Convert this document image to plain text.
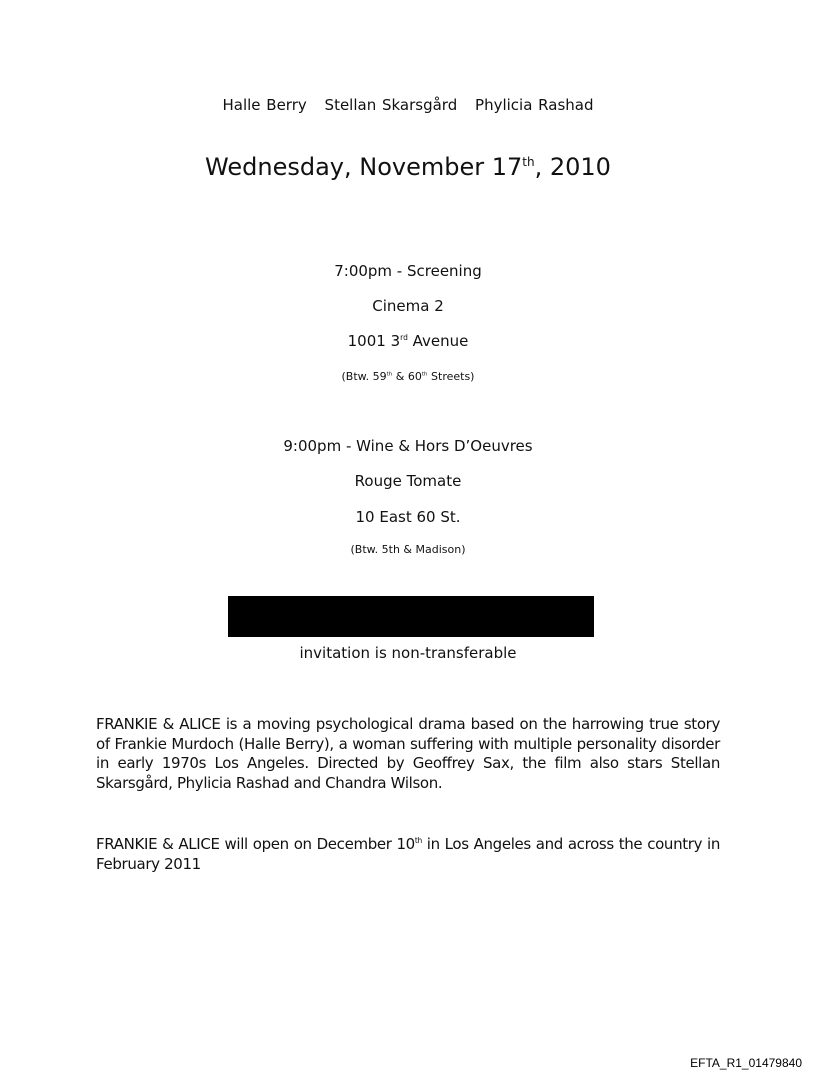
Halle Berry Stellan Skarsgård Phylicia Rashad
Wednesday, November 17th, 2010
7:00pm - Screening
Cinema 2
1001 3rd Avenue
(Btw. 59th & 60th Streets)
9:00pm - Wine & Hors D’Oeuvres
Rouge Tomate
10 East 60 St.
(Btw. 5th & Madison)
invitation is non-transferable
FRANKIE & ALICE is a moving psychological drama based on the harrowing true story of Frankie Murdoch (Halle Berry), a woman suffering with multiple personality disorder in early 1970s Los Angeles. Directed by Geoffrey Sax, the film also stars Stellan Skarsgård, Phylicia Rashad and Chandra Wilson.
FRANKIE & ALICE will open on December 10th in Los Angeles and across the country in February 2011
EFTA_R1_01479840
